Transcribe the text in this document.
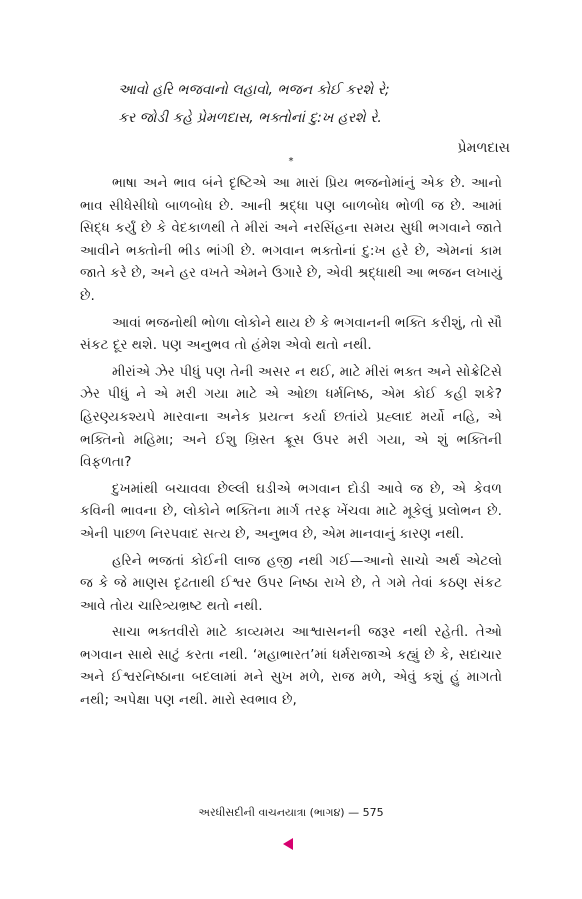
આવો હરિ ભજવાનો લહાવો, ભજન કોઈ કરશે રે;
કર જોડી કહે પ્રેમળદાસ, ભક્તોનાં દુ:ખ હરશે રે.
પ્રેમળદાસ
*

ભાષા અને ભાવ બંને દૃષ્ટિએ આ મારાં પ્રિય ભજનોમાંનું એક છે. આનો ભાવ સીધેસીધો બાળબોધ છે. આની શ્રદ્ધા પણ બાળબોધ ભોળી જ છે. આમાં સિદ્ધ કર્યું છે કે વેદકાળથી તે મીરાં અને નરસિંહના સમય સુધી ભગવાને જાતે આવીને ભક્તોની ભીડ ભાંગી છે. ભગવાન ભક્તોનાં દુ:ખ હરે છે, એમનાં કામ જાતે કરે છે, અને હર વખતે એમને ઉગારે છે, એવી શ્રદ્ધાથી આ ભજન લખાયું છે.

આવાં ભજનોથી ભોળા લોકોને થાય છે કે ભગવાનની ભક્તિ કરીશું, તો સૌ સંકટ દૂર થશે. પણ અનુભવ તો હંમેશ એવો થતો નથી.

મીરાંએ ઝેર પીધું પણ તેની અસર ન થઈ, માટે મીરાં ભક્ત અને સોક્રેટિસે ઝેર પીધું ને એ મરી ગયા માટે એ ઓછા ધર્મનિષ્ઠ, એમ કોઈ કહી શકે? હિરણ્યકશ્યપે મારવાના અનેક પ્રયત્ન કર્યા છતાંયે પ્રહ્લાદ મર્યો નહિ, એ ભક્તિનો મહિમા; અને ઈશુ ખ્રિસ્ત ક્રૂસ ઉપર મરી ગયા, એ શું ભક્તિની વિફળતા?

દુખમાંથી બચાવવા છેલ્લી ઘડીએ ભગવાન દોડી આવે જ છે, એ કેવળ કવિની ભાવના છે, લોકોને ભક્તિના માર્ગ તરફ ખેંચવા માટે મૂકેલું પ્રલોભન છે. એની પાછળ નિરપવાદ સત્ય છે, અનુભવ છે, એમ માનવાનું કારણ નથી.

હરિને ભજતાં કોઈની લાજ હજી નથી ગઈ—આનો સાચો અર્થ એટલો જ કે જે માણસ દૃઢતાથી ઈશ્વર ઉપર નિષ્ઠા રાખે છે, તે ગમે તેવાં કઠણ સંકટ આવે તોય ચારિત્ર્યભ્રષ્ટ થતો નથી.

સાચા ભક્તવીરો માટે કાવ્યમય આશ્વાસનની જરૂર નથી રહેતી. તેઓ ભગવાન સાથે સાટું કરતા નથી. ‘મહાભારત’માં ધર્મરાજાએ કહ્યું છે કે, સદાચાર અને ઈશ્વરનિષ્ઠાના બદલામાં મને સુખ મળે, રાજ મળે, એવું કશું હું માગતો નથી; અપેક્ષા પણ નથી. મારો સ્વભાવ છે,

અરધીસદીની વાચનયાત્રા (ભાગ૪) — 575
